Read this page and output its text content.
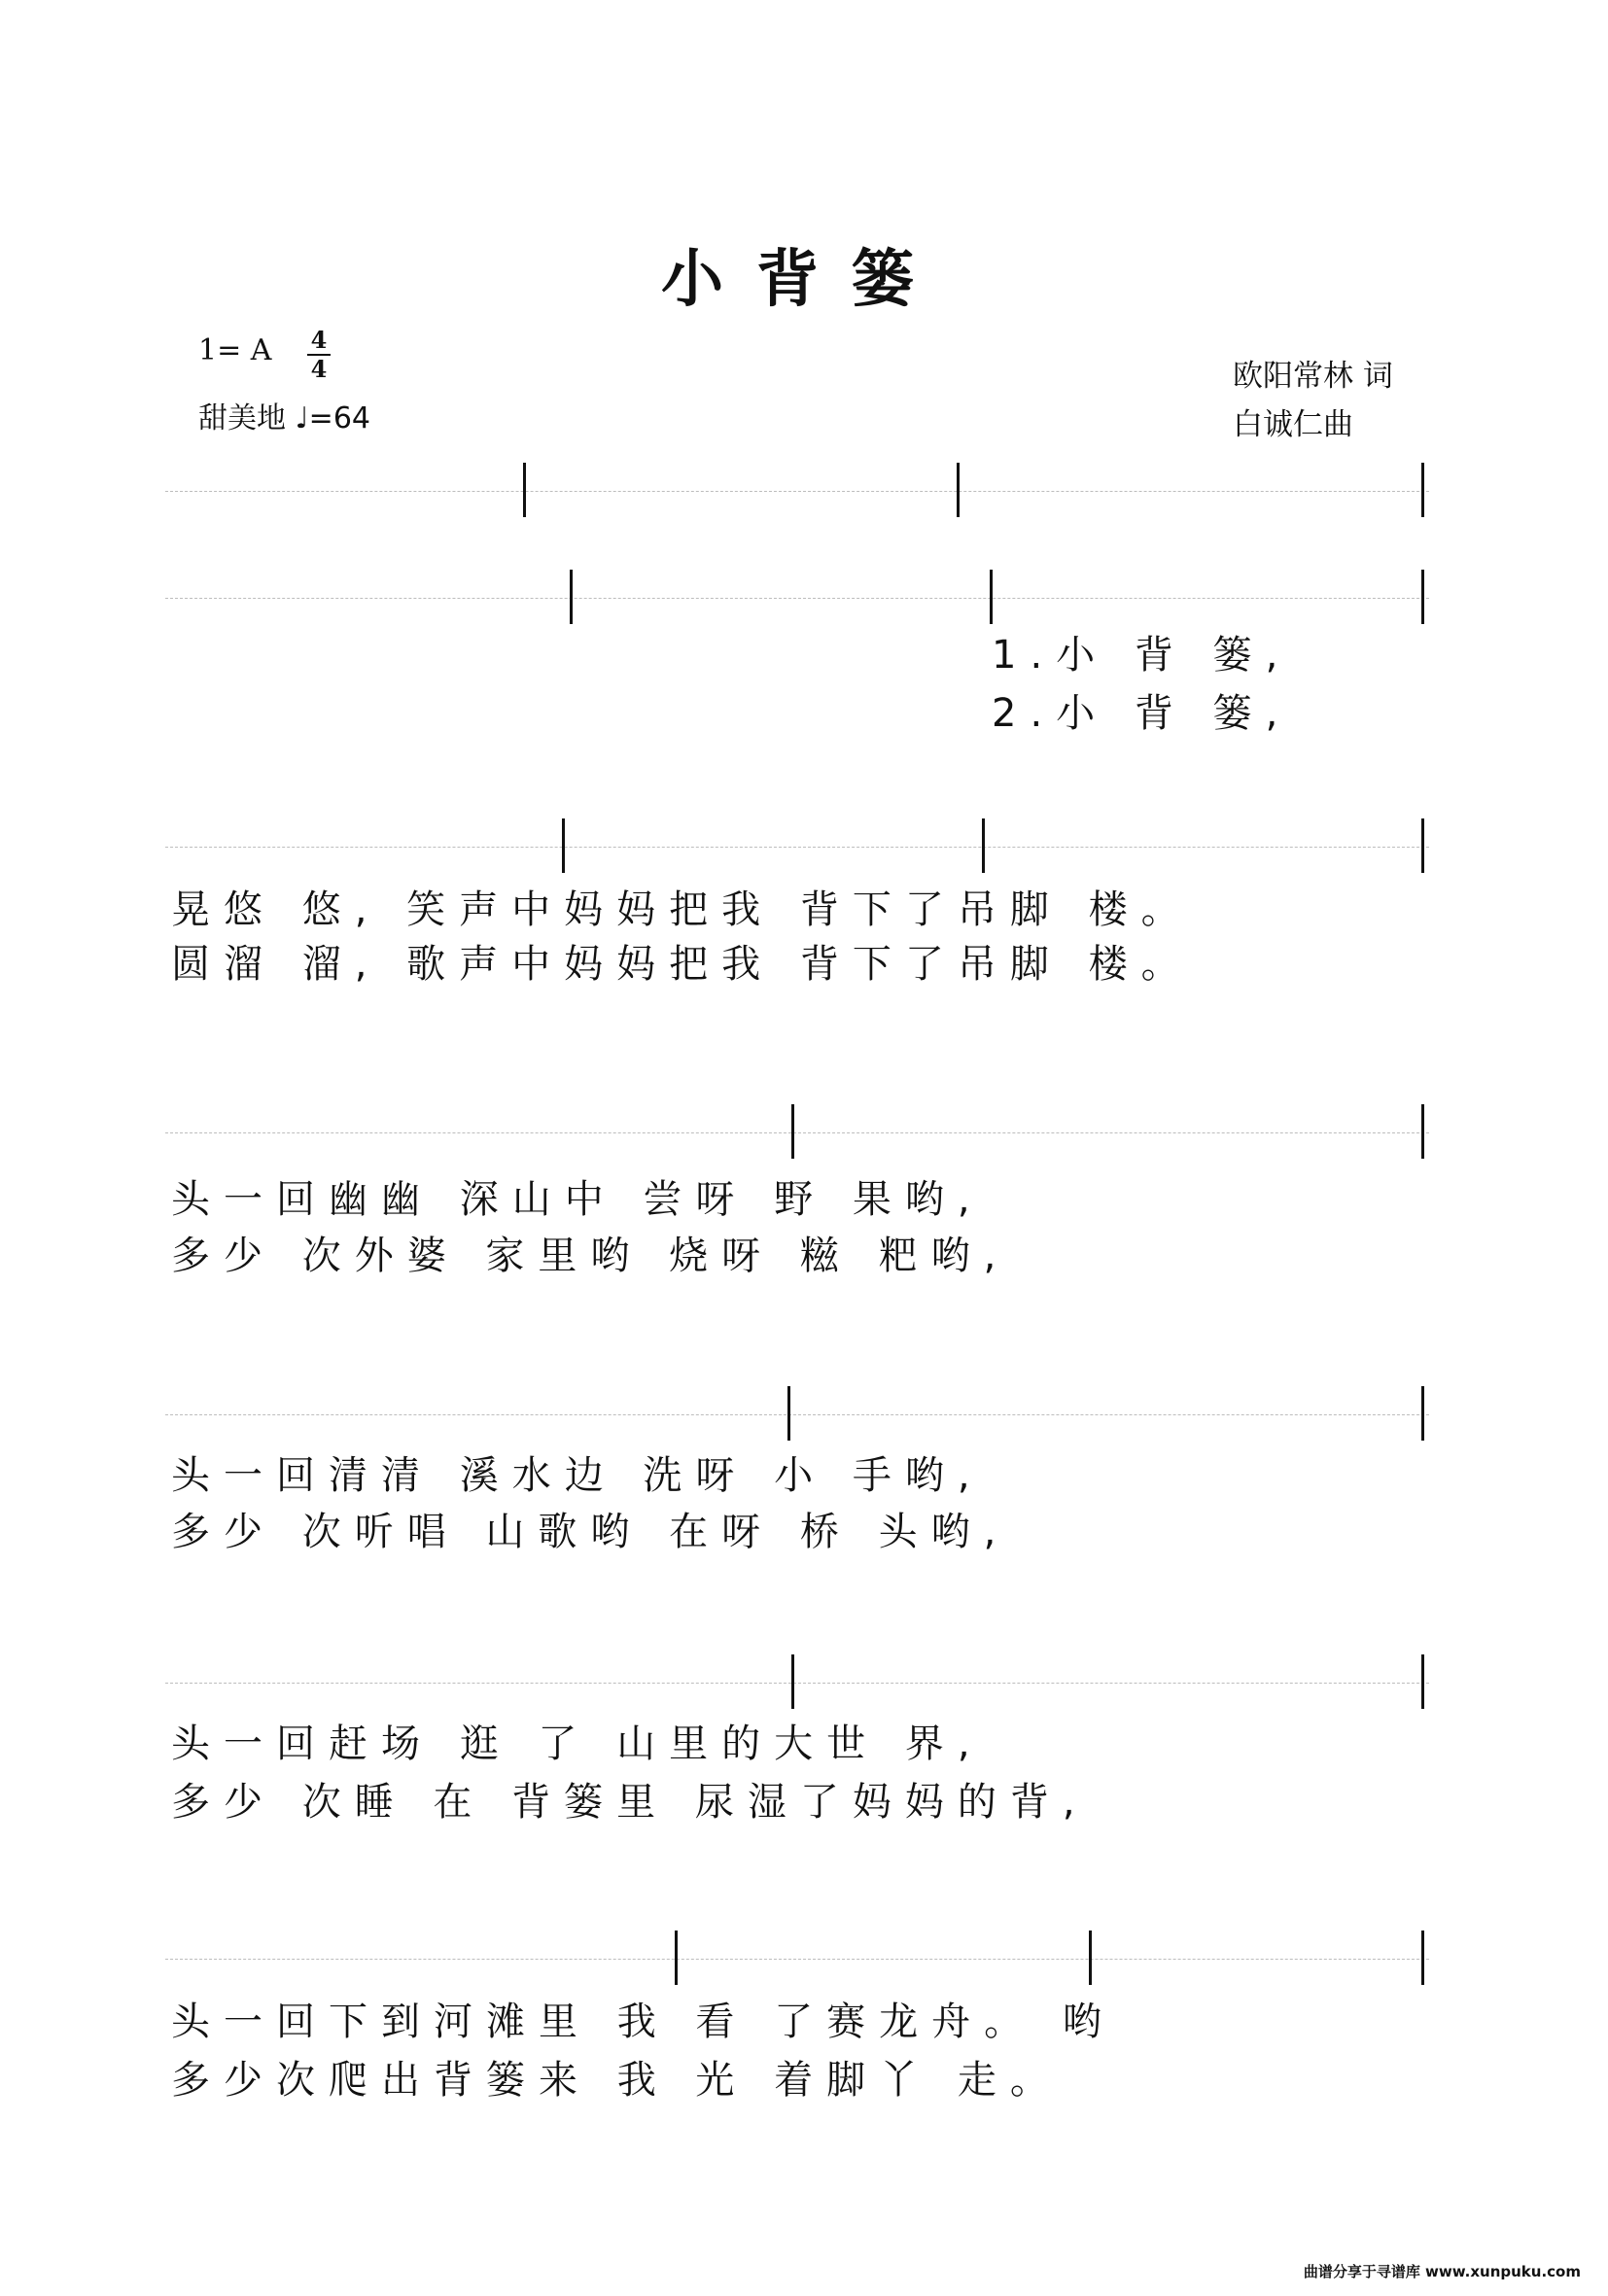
小背篓
1= A 4
4
甜美地 ♩=64
欧阳常林 词
白诚仁曲
1.小 背 篓,
2.小 背 篓,
晃悠 悠, 笑声中妈妈把我 背下了吊脚 楼。
圆溜 溜, 歌声中妈妈把我 背下了吊脚 楼。
头一回幽幽 深山中 尝呀 野 果哟,
多少 次外婆 家里哟 烧呀 糍 粑哟,
头一回清清 溪水边 洗呀 小 手哟,
多少 次听唱 山歌哟 在呀 桥 头哟,
头一回赶场 逛 了 山里的大世 界,
多少 次睡 在 背篓里 尿湿了妈妈的背,
头一回下到河滩里 我 看 了赛龙舟。 哟
多少次爬出背篓来 我 光 着脚丫 走。
曲谱分享于寻谱库 www.xunpuku.com
